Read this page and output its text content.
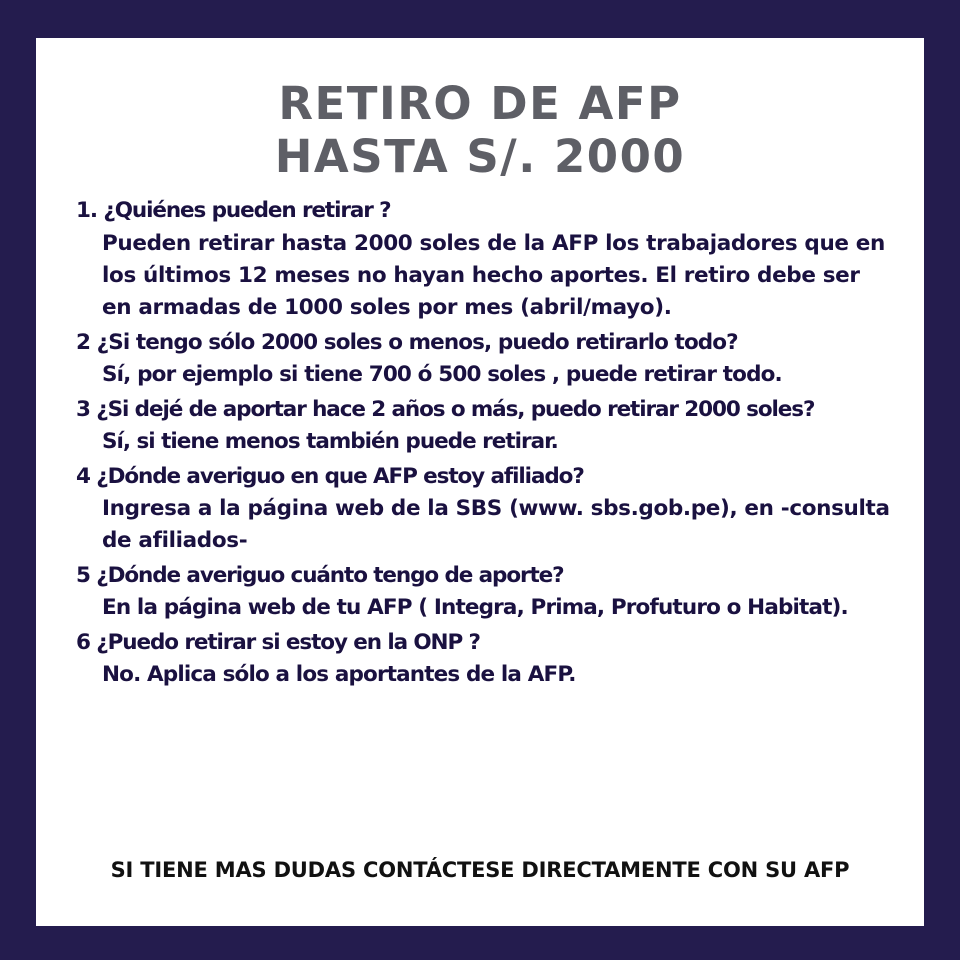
RETIRO DE AFP
HASTA S/. 2000
1. ¿Quiénes pueden retirar ?
Pueden retirar hasta 2000 soles de la AFP los trabajadores que en los últimos 12 meses no hayan hecho aportes. El retiro debe ser en armadas de 1000 soles por mes (abril/mayo).
2 ¿Si tengo sólo 2000 soles o menos, puedo retirarlo todo?
Sí, por ejemplo si tiene 700 ó 500 soles , puede retirar todo.
3 ¿Si dejé de aportar hace 2 años o más, puedo retirar 2000 soles?
Sí, si tiene menos también puede retirar.
4 ¿Dónde averiguo en que AFP estoy afiliado?
Ingresa a la página web de la SBS (www. sbs.gob.pe), en -consulta de afiliados-
5 ¿Dónde averiguo cuánto tengo de aporte?
En la página web de tu AFP ( Integra, Prima, Profuturo o Habitat).
6 ¿Puedo retirar si estoy en la ONP ?
No. Aplica sólo a los aportantes de la AFP.
SI TIENE MAS DUDAS CONTÁCTESE DIRECTAMENTE CON SU AFP
